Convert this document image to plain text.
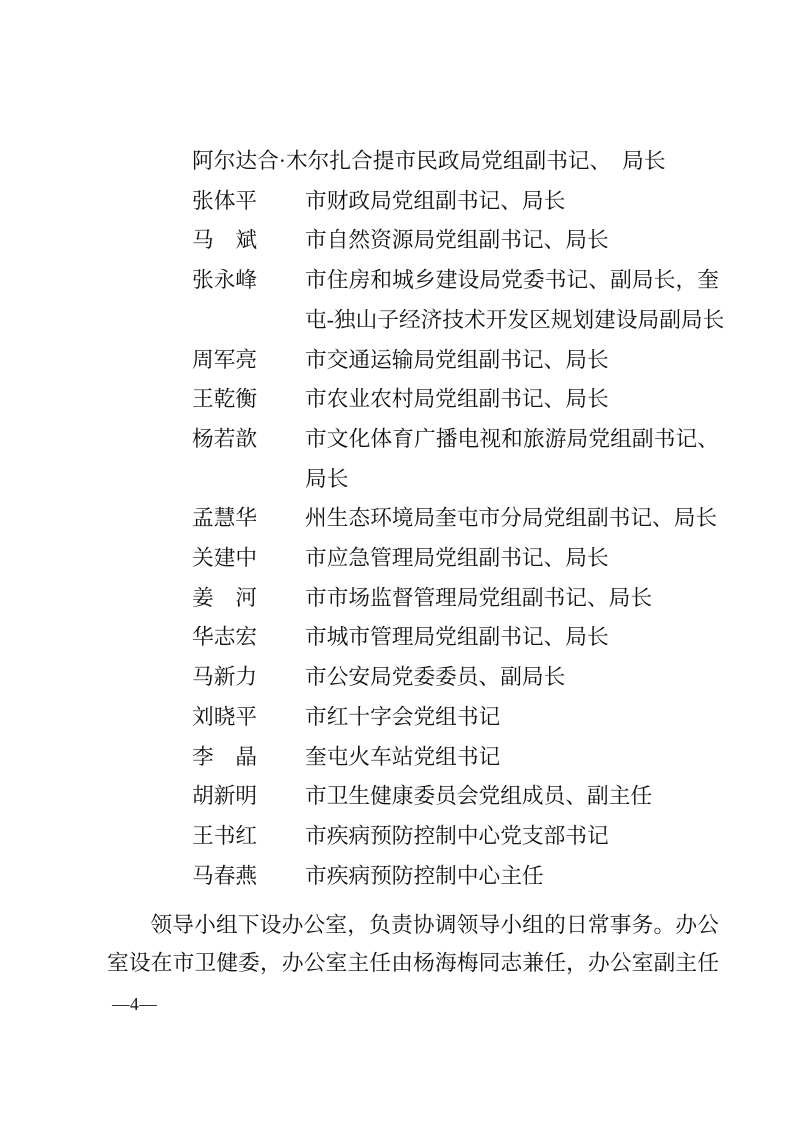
阿尔达合·木尔扎合提 市民政局党组副书记、　局长
张体平	市财政局党组副书记、局长
马　斌	市自然资源局党组副书记、局长
张永峰	市住房和城乡建设局党委书记、副局长，奎
屯-独山子经济技术开发区规划建设局副局长
周军亮	市交通运输局党组副书记、局长
王乾衡	市农业农村局党组副书记、局长
杨若歆	市文化体育广播电视和旅游局党组副书记、
局长
孟慧华	州生态环境局奎屯市分局党组副书记、局长
关建中	市应急管理局党组副书记、局长
姜　河	市市场监督管理局党组副书记、局长
华志宏	市城市管理局党组副书记、局长
马新力	市公安局党委委员、副局长
刘晓平	市红十字会党组书记
李　晶	奎屯火车站党组书记
胡新明	市卫生健康委员会党组成员、副主任
王书红	市疾病预防控制中心党支部书记
马春燕	市疾病预防控制中心主任
领导小组下设办公室，负责协调领导小组的日常事务。办公
室设在市卫健委，办公室主任由杨海梅同志兼任，办公室副主任
—4—
